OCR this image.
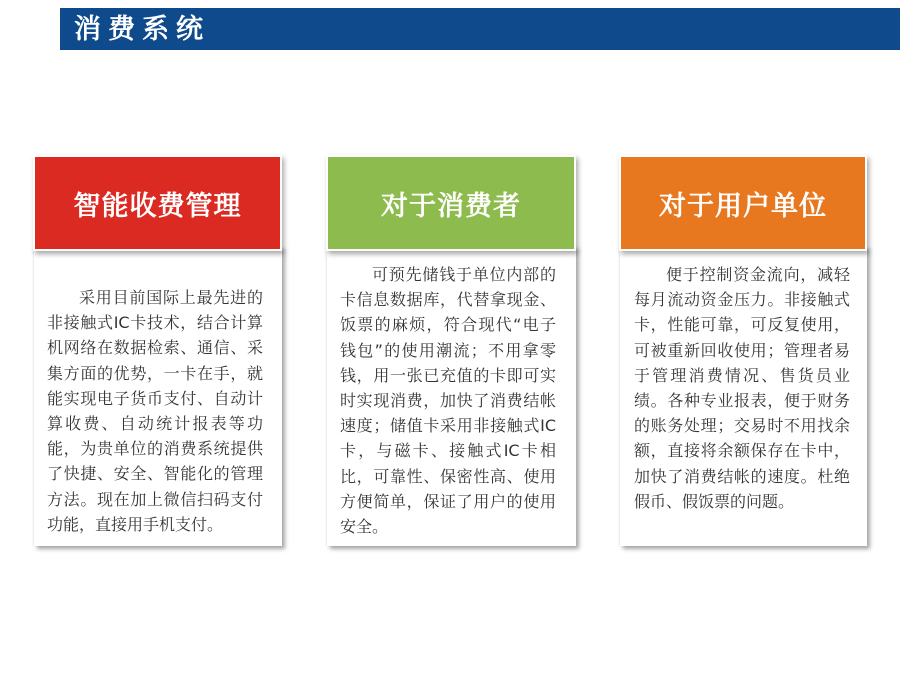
消费系统

采用目前国际上最先进的非接触式IC卡技术，结合计算机网络在数据检索、通信、采集方面的优势，一卡在手，就能实现电子货币支付、自动计算收费、自动统计报表等功能，为贵单位的消费系统提供了快捷、安全、智能化的管理方法。现在加上微信扫码支付功能，直接用手机支付。

智能收费管理

可预先储钱于单位内部的卡信息数据库，代替拿现金、饭票的麻烦，符合现代“电子钱包”的使用潮流；不用拿零钱，用一张已充值的卡即可实时实现消费，加快了消费结帐速度；储值卡采用非接触式IC卡，与磁卡、接触式IC卡相比，可靠性、保密性高、使用方便简单，保证了用户的使用安全。

对于消费者

便于控制资金流向，减轻每月流动资金压力。非接触式卡，性能可靠，可反复使用，可被重新回收使用；管理者易于管理消费情况、售货员业绩。各种专业报表，便于财务的账务处理；交易时不用找余额，直接将余额保存在卡中，加快了消费结帐的速度。杜绝假币、假饭票的问题。

对于用户单位
